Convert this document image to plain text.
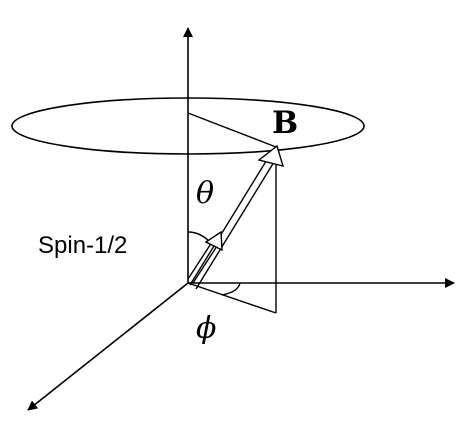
B
θ
Spin-1/2
ϕ
